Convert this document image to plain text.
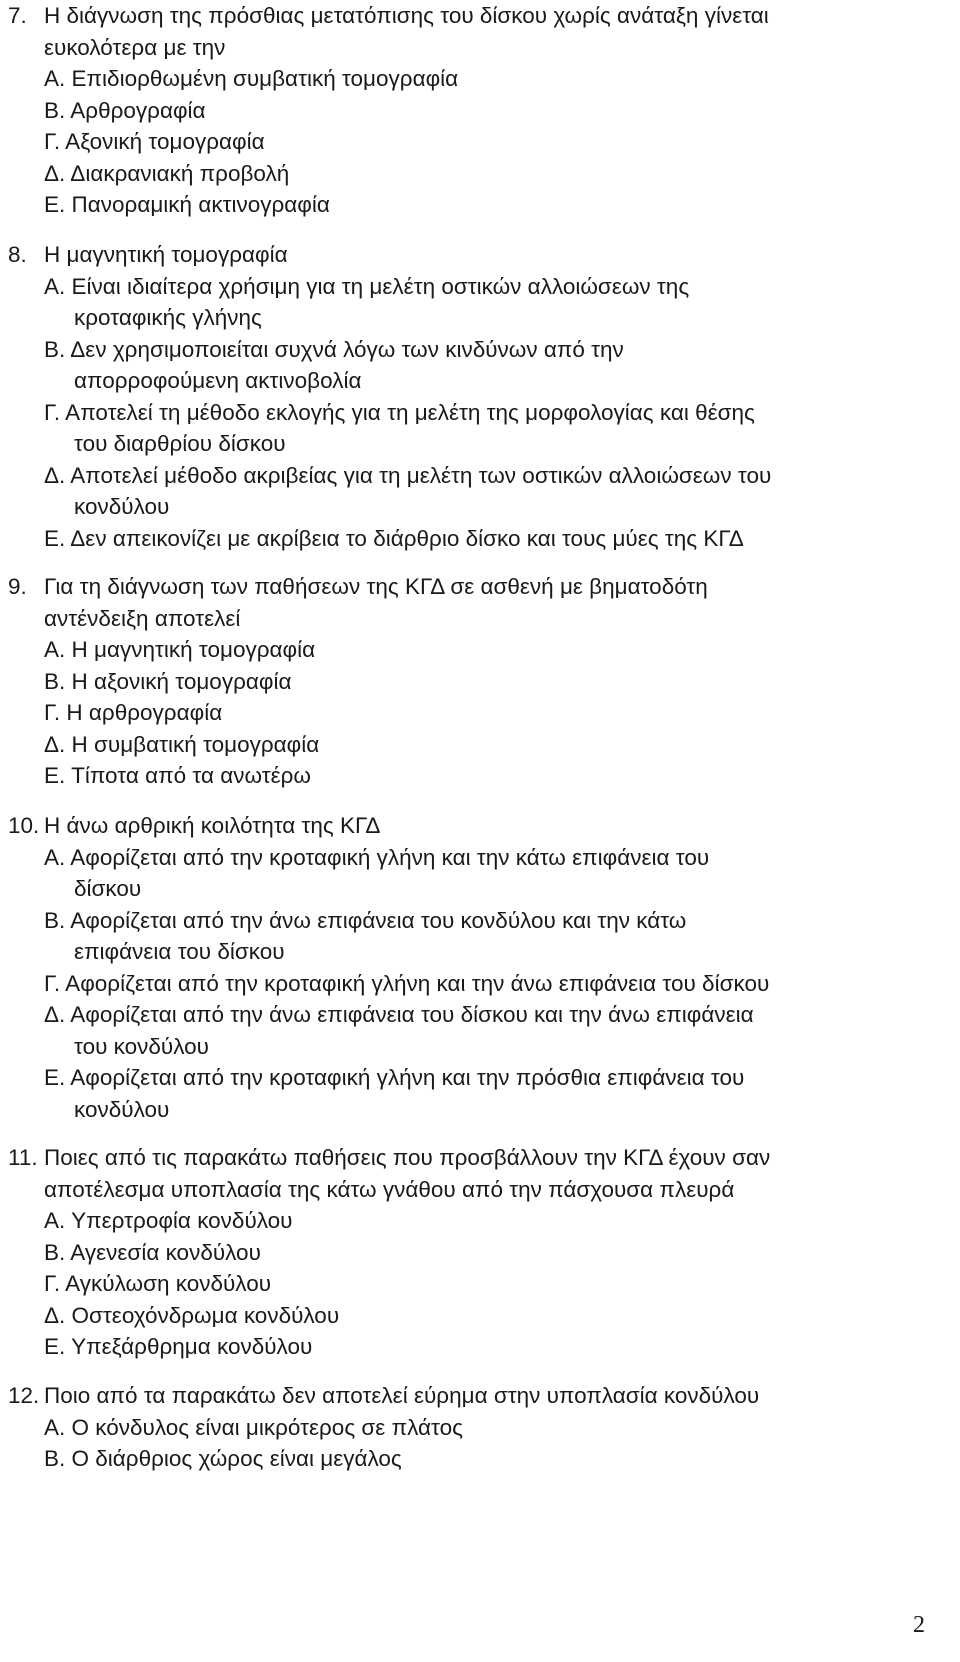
7. Η διάγνωση της πρόσθιας μετατόπισης του δίσκου χωρίς ανάταξη γίνεται
ευκολότερα με την
Α. Επιδιορθωμένη συμβατική τομογραφία
Β. Αρθρογραφία
Γ. Αξονική τομογραφία
Δ. Διακρανιακή προβολή
Ε. Πανοραμική ακτινογραφία
8. Η μαγνητική τομογραφία
Α. Είναι ιδιαίτερα χρήσιμη για τη μελέτη οστικών αλλοιώσεων της
κροταφικής γλήνης
Β. Δεν χρησιμοποιείται συχνά λόγω των κινδύνων από την
απορροφούμενη ακτινοβολία
Γ. Αποτελεί τη μέθοδο εκλογής για τη μελέτη της μορφολογίας και θέσης
του διαρθρίου δίσκου
Δ. Αποτελεί μέθοδο ακριβείας για τη μελέτη των οστικών αλλοιώσεων του
κονδύλου
Ε. Δεν απεικονίζει με ακρίβεια το διάρθριο δίσκο και τους μύες της ΚΓΔ
9. Για τη διάγνωση των παθήσεων της ΚΓΔ σε ασθενή με βηματοδότη
αντένδειξη αποτελεί
Α. Η μαγνητική τομογραφία
Β. Η αξονική τομογραφία
Γ. Η αρθρογραφία
Δ. Η συμβατική τομογραφία
Ε. Τίποτα από τα ανωτέρω
10. Η άνω αρθρική κοιλότητα της ΚΓΔ
Α. Αφορίζεται από την κροταφική γλήνη και την κάτω επιφάνεια του
δίσκου
Β. Αφορίζεται από την άνω επιφάνεια του κονδύλου και την κάτω
επιφάνεια του δίσκου
Γ. Αφορίζεται από την κροταφική γλήνη και την άνω επιφάνεια του δίσκου
Δ. Αφορίζεται από την άνω επιφάνεια του δίσκου και την άνω επιφάνεια
του κονδύλου
Ε. Αφορίζεται από την κροταφική γλήνη και την πρόσθια επιφάνεια του
κονδύλου
11. Ποιες από τις παρακάτω παθήσεις που προσβάλλουν την ΚΓΔ έχουν σαν
αποτέλεσμα υποπλασία της κάτω γνάθου από την πάσχουσα πλευρά
Α. Υπερτροφία κονδύλου
Β. Αγενεσία κονδύλου
Γ. Αγκύλωση κονδύλου
Δ. Οστεοχόνδρωμα κονδύλου
Ε. Υπεξάρθρημα κονδύλου
12. Ποιο από τα παρακάτω δεν αποτελεί εύρημα στην υποπλασία κονδύλου
Α. Ο κόνδυλος είναι μικρότερος σε πλάτος
Β. Ο διάρθριος χώρος είναι μεγάλος
2
